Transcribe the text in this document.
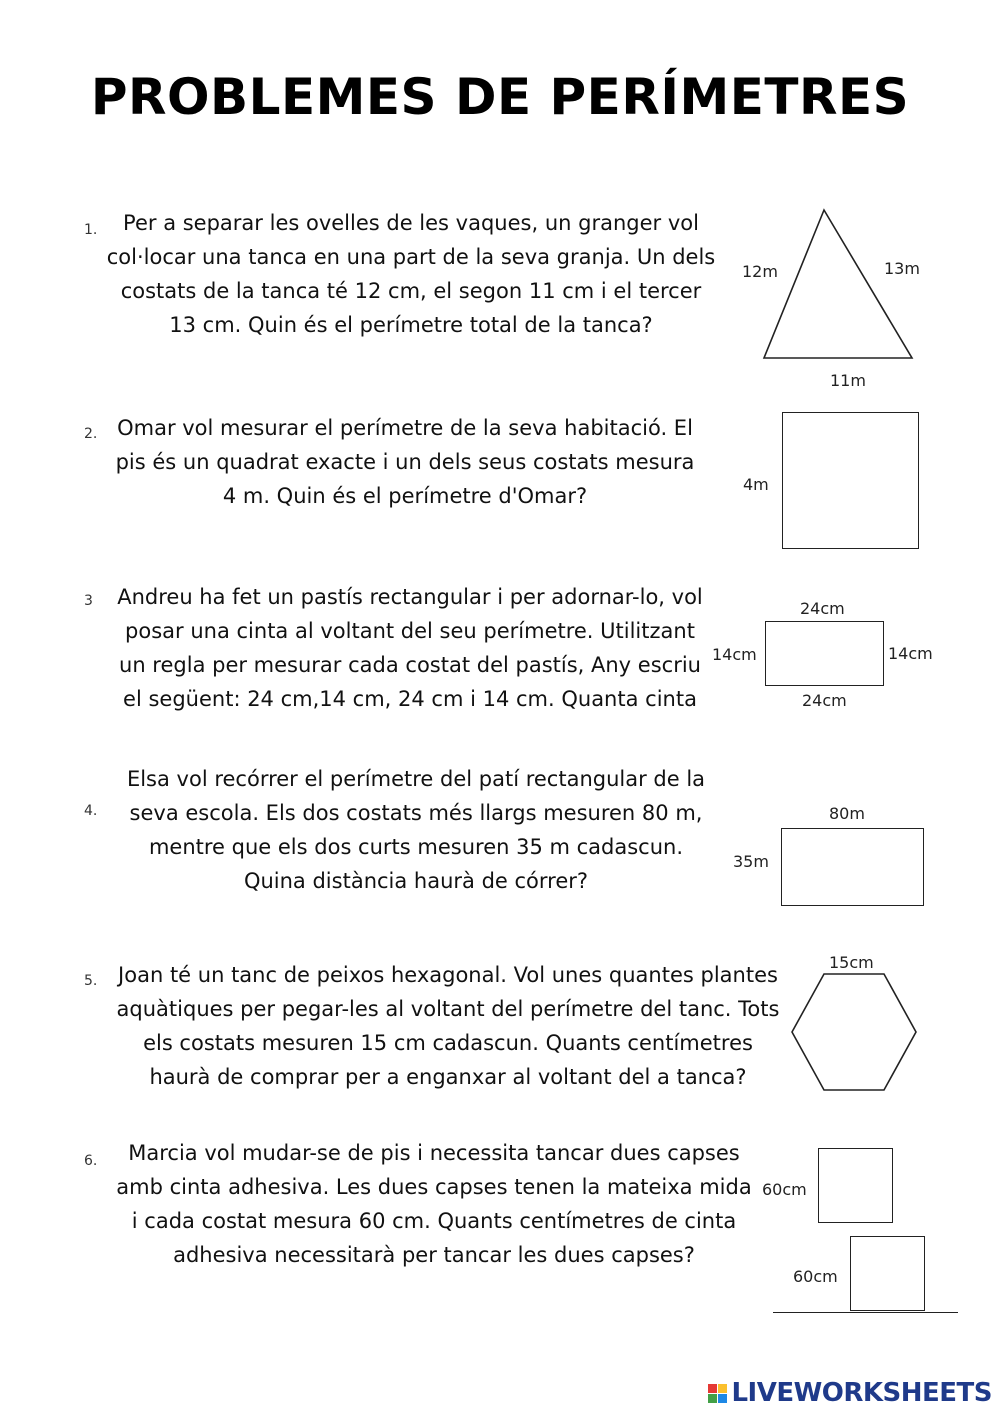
PROBLEMES DE PERÍMETRES
1.	Per a separar les ovelles de les vaques, un granger vol
col·locar una tanca en una part de la seva granja. Un dels
costats de la tanca té 12 cm, el segon 11 cm i el tercer
13 cm. Quin és el perímetre total de la tanca?
12m	13m
11m
2. Omar vol mesurar el perímetre de la seva habitació. El
pis és un quadrat exacte i un dels seus costats mesura
4 m. Quin és el perímetre d'Omar?	4m
3	Andreu ha fet un pastís rectangular i per adornar-lo, vol
posar una cinta al voltant del seu perímetre. Utilitzant
un regla per mesurar cada costat del pastís, Any escriu
el següent: 24 cm,14 cm, 24 cm i 14 cm. Quanta cinta
24cm
14cm	14cm
24cm
4.
Elsa vol recórrer el perímetre del patí rectangular de la
seva escola. Els dos costats més llargs mesuren 80 m,
mentre que els dos curts mesuren 35 m cadascun.
Quina distància haurà de córrer?
80m
35m
5. Joan té un tanc de peixos hexagonal. Vol unes quantes plantes
aquàtiques per pegar-les al voltant del perímetre del tanc. Tots
els costats mesuren 15 cm cadascun. Quants centímetres
haurà de comprar per a enganxar al voltant del a tanca?
15cm
6.	Marcia vol mudar-se de pis i necessita tancar dues capses
amb cinta adhesiva. Les dues capses tenen la mateixa mida
i cada costat mesura 60 cm. Quants centímetres de cinta
adhesiva necessitarà per tancar les dues capses?
60cm
60cm
LIVEWORKSHEETS
